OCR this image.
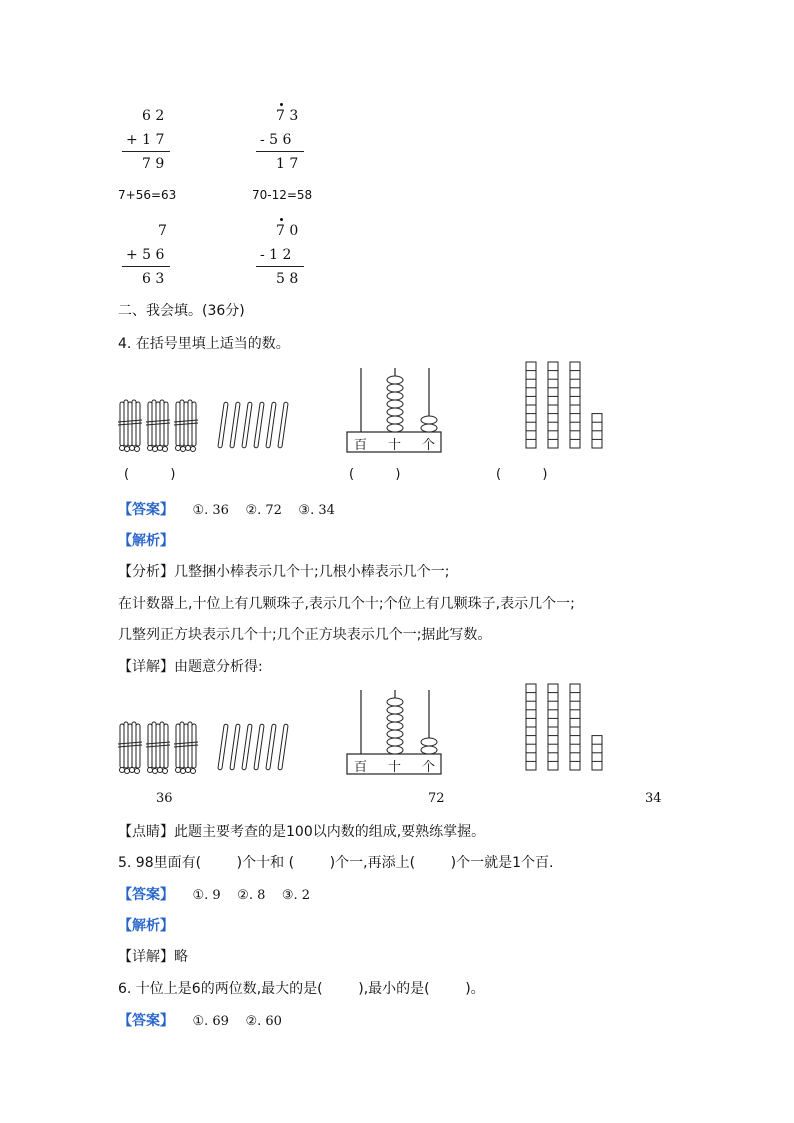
6 2
+ 1 7
7 9
7 3
- 5 6
1 7
7+56=63	70-12=58
7
+ 5 6
6 3
7 0
- 1 2
5 8
二、我会填。(36分)
4. 在括号里填上适当的数。
百 十 个
(          )	(          )	(          )
【答案】 ①. 36    ②. 72    ③. 34
【解析】
【分析】几整捆小棒表示几个十;几根小棒表示几个一;
在计数器上,十位上有几颗珠子,表示几个十;个位上有几颗珠子,表示几个一;
几整列正方块表示几个十;几个正方块表示几个一;据此写数。
【详解】由题意分析得:
百 十 个
36	72	34
【点睛】此题主要考查的是100以内数的组成,要熟练掌握。
5. 98里面有(        )个十和 (        )个一,再添上(        )个一就是1个百.
【答案】 ①. 9    ②. 8    ③. 2
【解析】
【详解】略
6. 十位上是6的两位数,最大的是(        ),最小的是(        )。
【答案】 ①. 69    ②. 60
